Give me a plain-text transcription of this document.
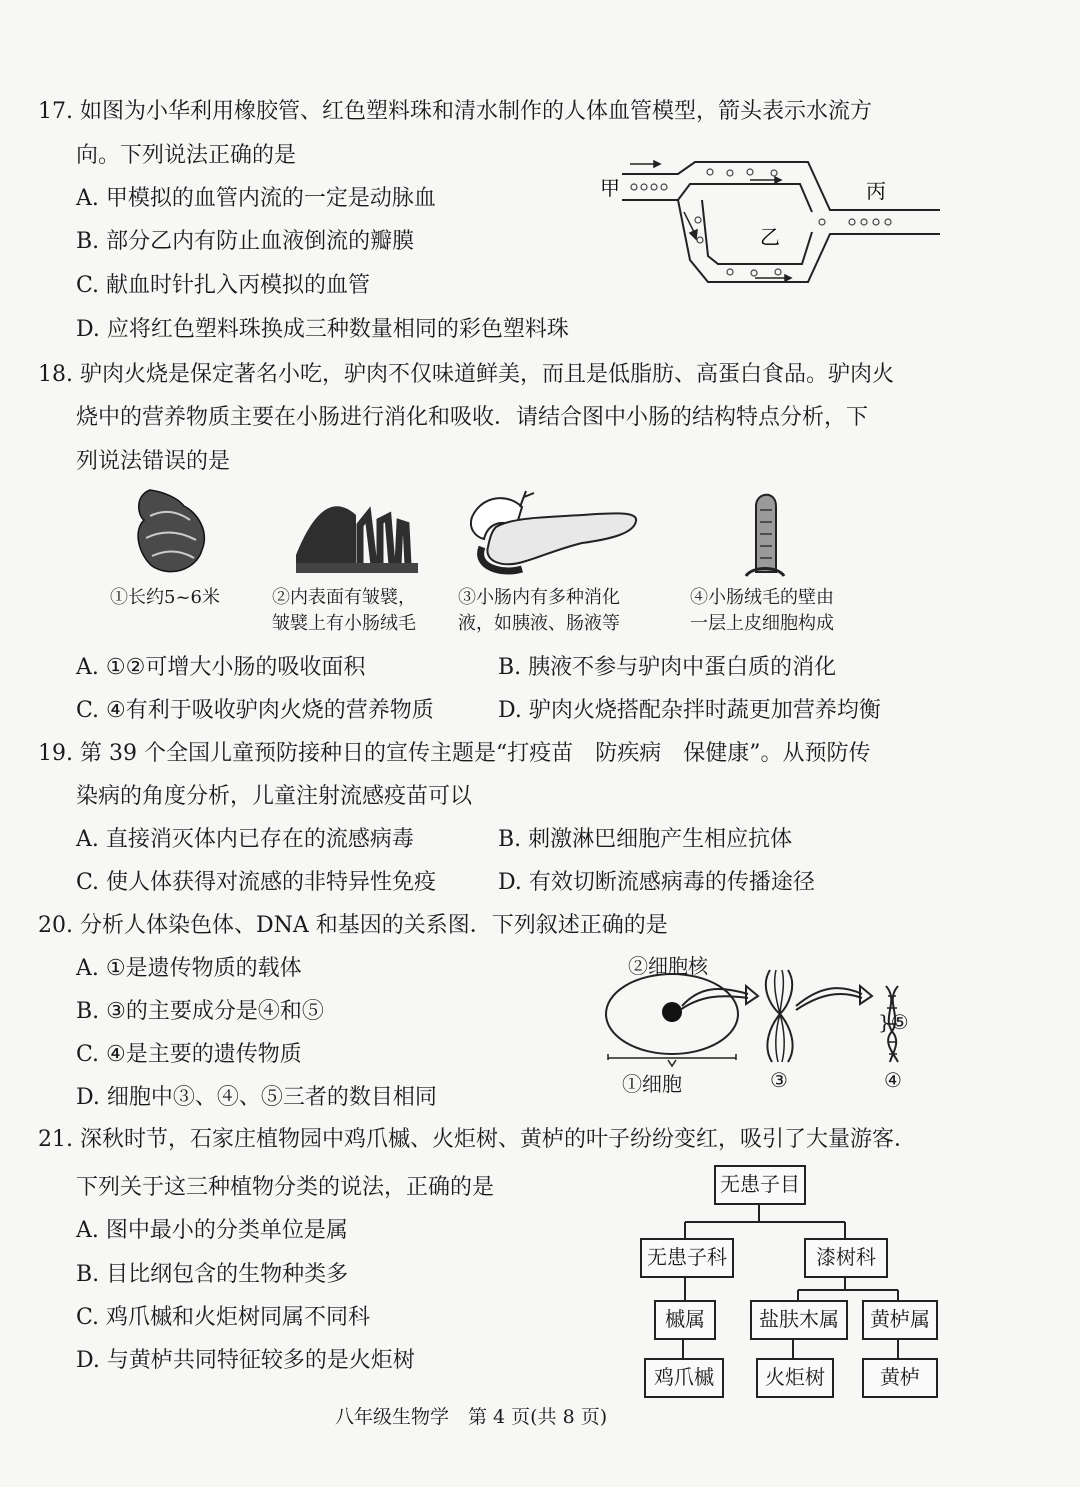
17. 如图为小华利用橡胶管、红色塑料珠和清水制作的人体血管模型，箭头表示水流方
向。下列说法正确的是
A. 甲模拟的血管内流的一定是动脉血
B. 部分乙内有防止血液倒流的瓣膜
C. 献血时针扎入丙模拟的血管
D. 应将红色塑料珠换成三种数量相同的彩色塑料珠
甲
乙
丙
18. 驴肉火烧是保定著名小吃，驴肉不仅味道鲜美，而且是低脂肪、高蛋白食品。驴肉火
烧中的营养物质主要在小肠进行消化和吸收．请结合图中小肠的结构特点分析，下
列说法错误的是
①长约5~6米	②内表面有皱襞，
皱襞上有小肠绒毛
③小肠内有多种消化
液，如胰液、肠液等
④小肠绒毛的壁由
一层上皮细胞构成
A. ①②可增大小肠的吸收面积	B. 胰液不参与驴肉中蛋白质的消化
C. ④有利于吸收驴肉火烧的营养物质	D. 驴肉火烧搭配杂拌时蔬更加营养均衡
19. 第 39 个全国儿童预防接种日的宣传主题是“打疫苗　防疾病　保健康”。从预防传
染病的角度分析，儿童注射流感疫苗可以
A. 直接消灭体内已存在的流感病毒	B. 刺激淋巴细胞产生相应抗体
C. 使人体获得对流感的非特异性免疫	D. 有效切断流感病毒的传播途径
20. 分析人体染色体、DNA 和基因的关系图．下列叙述正确的是
A. ①是遗传物质的载体
B. ③的主要成分是④和⑤
C. ④是主要的遗传物质
D. 细胞中③、④、⑤三者的数目相同
②细胞核
}⑤
①细胞	③	④
21. 深秋时节，石家庄植物园中鸡爪槭、火炬树、黄栌的叶子纷纷变红，吸引了大量游客．
下列关于这三种植物分类的说法，正确的是
A. 图中最小的分类单位是属
B. 目比纲包含的生物种类多
C. 鸡爪槭和火炬树同属不同科
D. 与黄栌共同特征较多的是火炬树
无患子目
无患子科	漆树科
槭属	盐肤木属	黄栌属
鸡爪槭	火炬树	黄栌
八年级生物学　第 4 页(共 8 页)
